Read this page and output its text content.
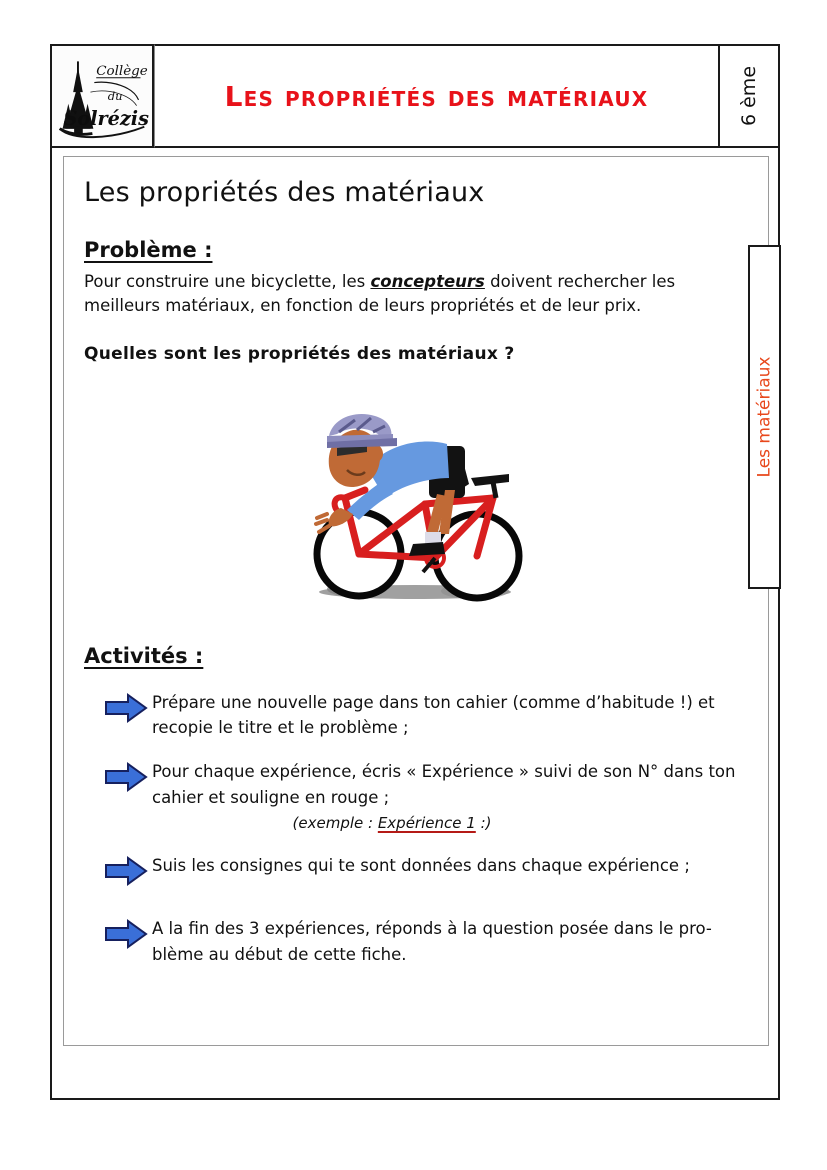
Collège
du
Solrézis
Les propriétés des matériaux	6 ème
Les matériaux
Les propriétés des matériaux
Problème :

Pour construire une bicyclette, les concepteurs doivent rechercher les meilleurs matériaux, en fonction de leurs propriétés et de leur prix.

Quelles sont les propriétés des matériaux ?

Activités :
Prépare une nouvelle page dans ton cahier (comme d’habitude !) et recopie le titre et le problème ;
Pour chaque expérience, écris « Expérience » suivi de son N° dans ton cahier et souligne en rouge ;
(exemple : Expérience 1 :)
Suis les consignes qui te sont données dans chaque expérience ;
A la fin des 3 expériences, réponds à la question posée dans le pro-blème au début de cette fiche.
